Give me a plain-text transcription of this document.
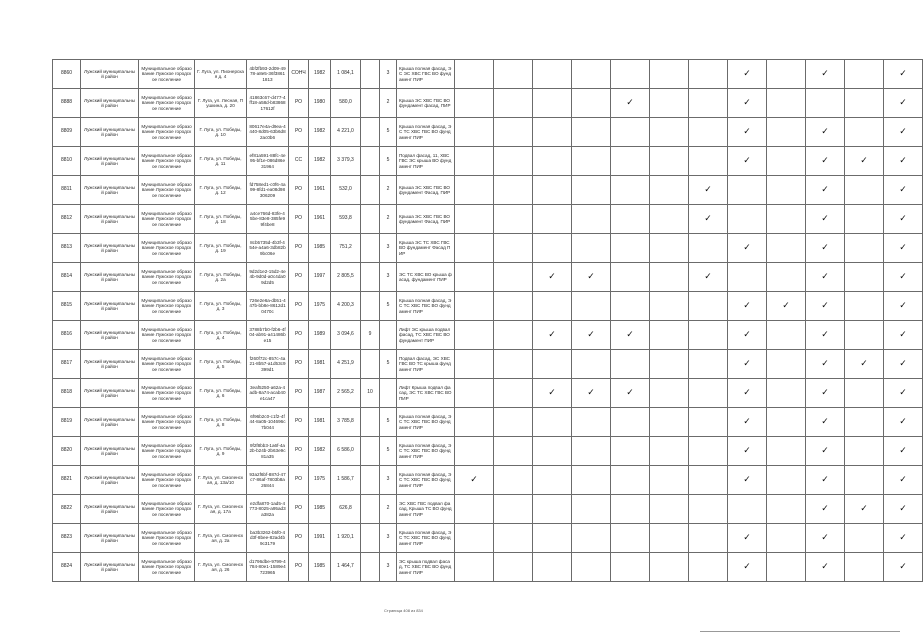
8860	Лужский муниципальный район	Муниципальное образование Лужское городское поселение	Г. Луга, ул. Пионерская д. 4	4bf2fb93-2d09-4978-a8e5-36f38611813	СОНЧ	1982	1 084,1		3	Крыша полная фасад, ЭС ЭС ХВС ГВС ВО фундамент ПИР								✓		✓		✓
8888	Лужский муниципальный район	Муниципальное образование Лужское городское поселение	Г. Луга, ул. Лесная, Пушкина, д. 20	41863c67-d477-4ff18-a58d-b8386817612f	РО	1980	580,0		2	Крыша ЭС ХВС ГВС ВО фундамент фасад, ПИР					✓			✓				✓
8809	Лужский муниципальный район	Муниципальное образование Лужское городское поселение	Г. Луга, ул. Победы, д. 10	80617e4a-d9ea-4440-8d05-63b6d82ac0b6	РО	1982	4 221,0		5	Крыша полная фасад, ЭС ТС ХВС ГВС ВО фундамент ПИР								✓		✓		✓
8810	Лужский муниципальный район	Муниципальное образование Лужское городское поселение	Г. Луга, ул. Победы, д. 11	ef81a591-88fc-4e95-bf1e-086d86e31964	СС	1982	3 379,3		5	Подвал фасад, 11, ХВС ГВС ЭС крыша ВО фундамент ПИР								✓		✓	✓	✓
8811	Лужский муниципальный район	Муниципальное образование Лужское городское поселение	Г. Луга, ул. Победы, д. 12	fd758ed1-c0f6-4a99-8fd1-ea08d98306209	РО	1961	532,0		2	Крыша ЭС ХВС ГВС ВО фундамент Фасад, ПИР							✓			✓		✓
8812	Лужский муниципальный район	Муниципальное образование Лужское городское поселение	Г. Луга, ул. Победы, д. 18	a4ce766d-83fe-45be-83e8-385fe99f4be8	РО	1961	593,8		2	Крыша ЭС ХВС ГВС ВО фундамент Фасад, ПИР							✓			✓		✓
8813	Лужский муниципальный район	Муниципальное образование Лужское городское поселение	Г. Луга, ул. Победы, д. 19	8cb5735d-4b3f-454e-a4a6-3db82b9bc06e	РО	1985	751,2		3	Крыша ЭС ТС ХВС ГВС ВО фундамент Фасад ПИР								✓		✓		✓
8814	Лужский муниципальный район	Муниципальное образование Лужское городское поселение	Г. Луга, ул. Победы, д. 2а	9d2d1e2-15d2-4e4b-9d0d-a0c4da09d2d5	РО	1997	2 805,5		3	ЭС ТС ХВС ВО крыша фасад, фундамент ПИР			✓	✓			✓			✓		✓
8815	Лужский муниципальный район	Муниципальное образование Лужское городское поселение	Г. Луга, ул. Победы, д. 3	726e2e6a-db51-447b-bb8e-8612d10470c	РО	1975	4 200,3		5	Крыша полная фасад, ЭС ТС ХВС ГВС ВО фундамент ПИР								✓	✓	✓		✓
8816	Лужский муниципальный район	Муниципальное образование Лужское городское поселение	Г. Луга, ул. Победы, д. 4	3788b7b0-f2b6-4f04-ab91-a41486be15	РО	1989	3 094,6	9		Лифт ЭС крыша подвал фасад, ТС ХВС ГВС ВО фундамент ПИР			✓	✓	✓			✓		✓		✓
8817	Лужский муниципальный район	Муниципальное образование Лужское городское поселение	Г. Луга, ул. Победы, д. 5	f260f72c-857c-4a21-8b57-a1d53c9399d1	РО	1981	4 251,9		5	Подвал фасад, ЭС ХВС ГВС ВО ТС крыша фундамент ПИР								✓		✓	✓	✓
8818	Лужский муниципальный район	Муниципальное образование Лужское городское поселение	Г. Луга, ул. Победы, д. 6	3eaf5250-a62a-4adb-8a74-acab40e1ca47	РО	1987	2 565,2	10		Лифт Крыша подвал фасад, ЭС ТС ХВС ГВС ВО ПИР			✓	✓	✓			✓		✓		✓
8819	Лужский муниципальный район	Муниципальное образование Лужское городское поселение	Г. Луга, ул. Победы, д. 8	6f96b2c0-c1f2-4f44-8a05-104696c7b044	РО	1981	3 785,8		5	Крыша полная фасад, ЭС ТС ХВС ГВС ВО фундамент ПИР								✓		✓		✓
8820	Лужский муниципальный район	Муниципальное образование Лужское городское поселение	Г. Луга, ул. Победы, д. 9	9f2f8bb3-1a6f-4a2b-b24b-2b63e9c81a35	РО	1982	6 586,0		5	Крыша полная фасад, ЭС ТС ХВС ГВС ВО фундамент ПИР								✓		✓		✓
8821	Лужский муниципальный район	Муниципальное образование Лужское городское поселение	Г. Луга, ул. Смоленская, д. 13а/10	93a2f6bf-887d-47c7-86af-7803b8a26844	РО	1975	1 586,7		3	Крыша полная фасад, ЭС ТС ХВС ГВС ВО фундамент ПИР	✓							✓		✓		✓
8822	Лужский муниципальный район	Муниципальное образование Лужское городское поселение	Г. Луга, ул. Смоленская, д. 17а	e2dfa870-1ad5-4773-8025-a95ad3a382a	РО	1985	626,8		2	ЭС ХВС ГВС подвал фасад, Крыша ТС ВО фундамент ПИР										✓	✓	✓
8823	Лужский муниципальный район	Муниципальное образование Лужское городское поселение	Г. Луга, ул. Смоленская, д. 2а	ba3b3262-b5f0-4d3f-8bee-82ad4b9c3179	РО	1991	1 920,1		3	Крыша полная фасад, ЭС ТС ХВС ГВС ВО фундамент ПИР								✓		✓		✓
8824	Лужский муниципальный район	Муниципальное образование Лужское городское поселение	Г. Луга, ул. Смоленская, д. 26	d1796dbe-9799-4784-80e1-1589e4723965	РО	1985	1 464,7		3	ЭС крыша подвал фасад, ТС ХВС ГВС ВО фундамент ПИР								✓		✓		✓
Страница 408 из 834
